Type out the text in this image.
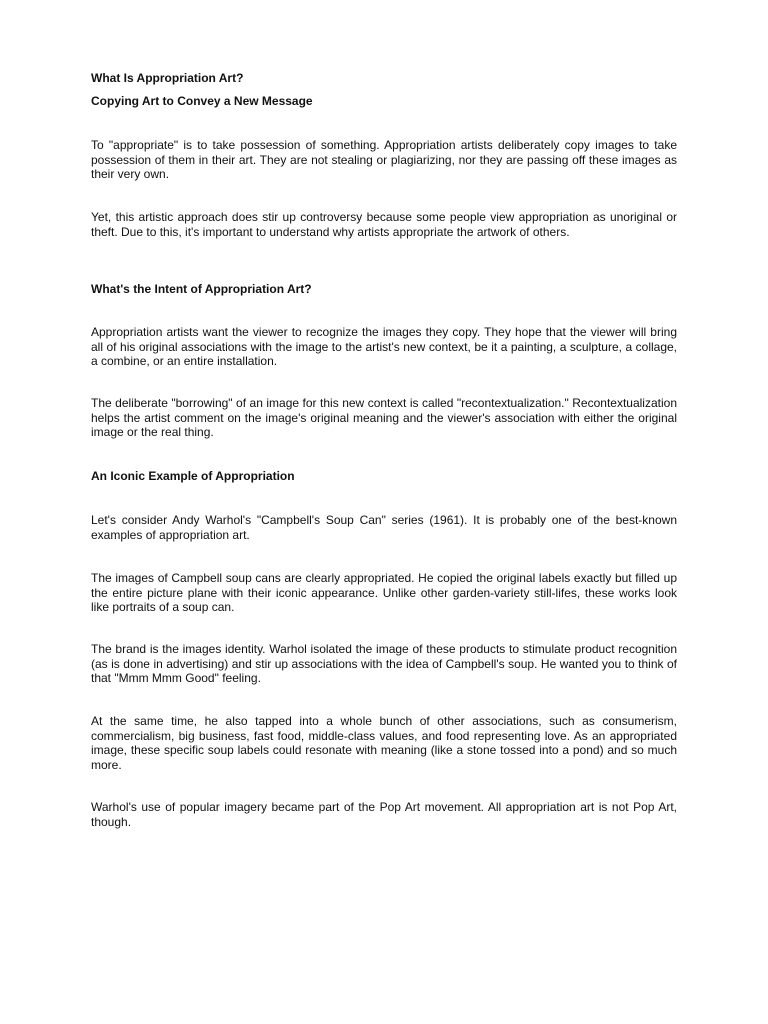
What Is Appropriation Art?

Copying Art to Convey a New Message

To "appropriate" is to take possession of something. Appropriation artists deliberately copy images to take possession of them in their art. They are not stealing or plagiarizing, nor they are passing off these images as their very own.

Yet, this artistic approach does stir up controversy because some people view appropriation as unoriginal or theft. Due to this, it's important to understand why artists appropriate the artwork of others.

What's the Intent of Appropriation Art?

Appropriation artists want the viewer to recognize the images they copy. They hope that the viewer will bring all of his original associations with the image to the artist's new context, be it a painting, a sculpture, a collage, a combine, or an entire installation.

The deliberate "borrowing" of an image for this new context is called "recontextualization." Recontextualization helps the artist comment on the image's original meaning and the viewer's association with either the original image or the real thing.

An Iconic Example of Appropriation

Let's consider Andy Warhol's "Campbell's Soup Can" series (1961). It is probably one of the best-known examples of appropriation art.

The images of Campbell soup cans are clearly appropriated. He copied the original labels exactly but filled up the entire picture plane with their iconic appearance. Unlike other garden-variety still-lifes, these works look like portraits of a soup can.

The brand is the images identity. Warhol isolated the image of these products to stimulate product recognition (as is done in advertising) and stir up associations with the idea of Campbell's soup. He wanted you to think of that "Mmm Mmm Good" feeling.

At the same time, he also tapped into a whole bunch of other associations, such as consumerism, commercialism, big business, fast food, middle-class values, and food representing love. As an appropriated image, these specific soup labels could resonate with meaning (like a stone tossed into a pond) and so much more.

Warhol's use of popular imagery became part of the Pop Art movement. All appropriation art is not Pop Art, though.
